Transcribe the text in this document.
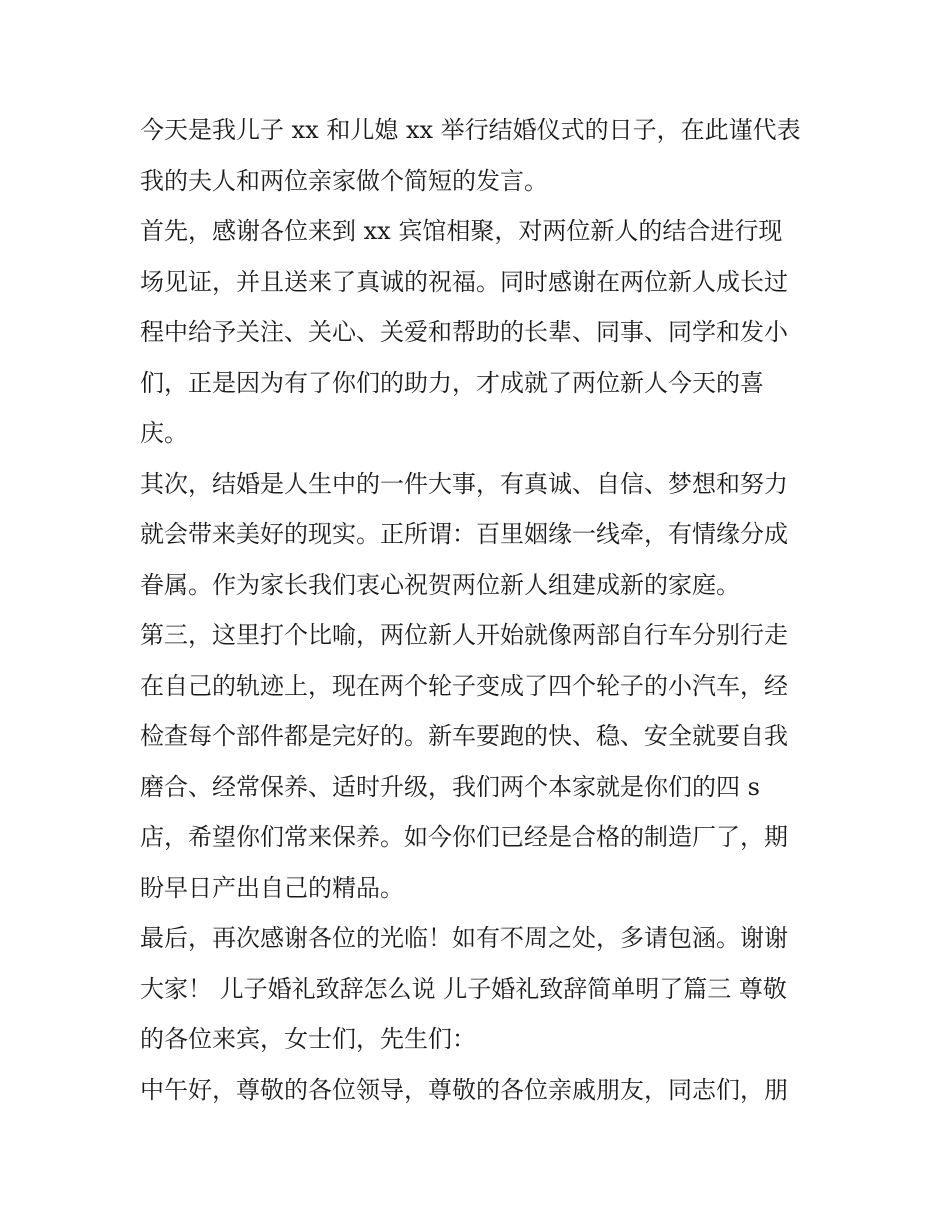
今天是我儿子 xx 和儿媳 xx 举行结婚仪式的日子，在此谨代表
我的夫人和两位亲家做个简短的发言。
首先，感谢各位来到 xx 宾馆相聚，对两位新人的结合进行现
场见证，并且送来了真诚的祝福。同时感谢在两位新人成长过
程中给予关注、关心、关爱和帮助的长辈、同事、同学和发小
们，正是因为有了你们的助力，才成就了两位新人今天的喜
庆。
其次，结婚是人生中的一件大事，有真诚、自信、梦想和努力
就会带来美好的现实。正所谓：百里姻缘一线牵，有情缘分成
眷属。作为家长我们衷心祝贺两位新人组建成新的家庭。
第三，这里打个比喻，两位新人开始就像两部自行车分别行走
在自己的轨迹上，现在两个轮子变成了四个轮子的小汽车，经
检查每个部件都是完好的。新车要跑的快、稳、安全就要自我
磨合、经常保养、适时升级，我们两个本家就是你们的四 s
店，希望你们常来保养。如今你们已经是合格的制造厂了，期
盼早日产出自己的精品。
最后，再次感谢各位的光临！如有不周之处，多请包涵。谢谢
大家！ 儿子婚礼致辞怎么说 儿子婚礼致辞简单明了篇三 尊敬
的各位来宾，女士们，先生们：
中午好，尊敬的各位领导，尊敬的各位亲戚朋友，同志们，朋
